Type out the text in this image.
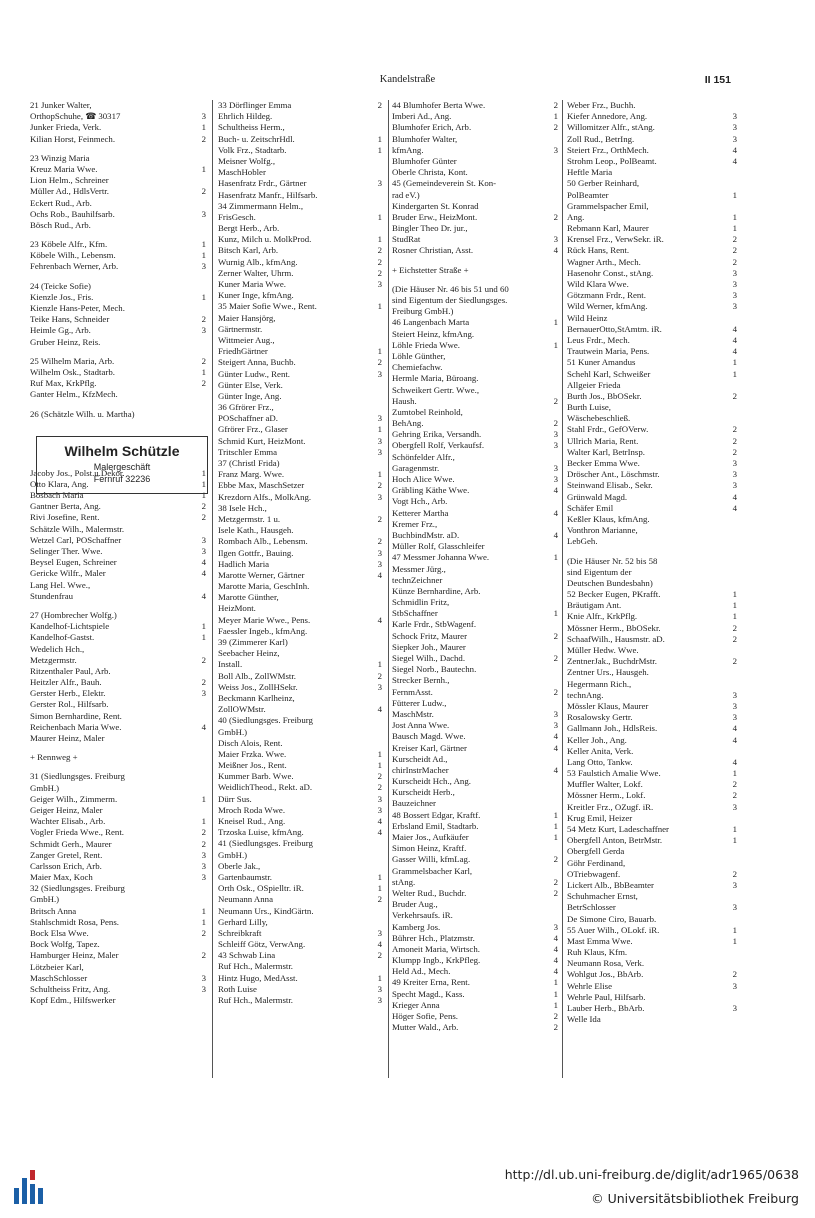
Kandelstraße	II 151
21 Junker Walter,
OrthopSchuhe, ☎ 30317	3
Junker Frieda, Verk.	1
Kilian Horst, Feinmech.	2
23 Winzig Maria
Kreuz Maria Wwe.	1
Lion Helm., Schreiner
Müller Ad., HdlsVertr.	2
Eckert Rud., Arb.
Ochs Rob., Bauhilfsarb.	3
Bösch Rud., Arb.
23 Köbele Alfr., Kfm.	1
Köbele Wilh., Lebensm.	1
Fehrenbach Werner, Arb.	3
24 (Teicke Sofie)
Kienzle Jos., Fris.	1
Kienzle Hans-Peter, Mech.
Teike Hans, Schneider	2
Heimle Gg., Arb.	3
Gruber Heinz, Reis.
25 Wilhelm Maria, Arb.	2
Wilhelm Osk., Stadtarb.	1
Ruf Max, KrkPflg.	2
Ganter Helm., KfzMech.
26 (Schätzle Wilh. u. Martha)
Jacoby Jos., Polst.u.Dekor.	1
Otto Klara, Ang.	1
Bosbach Maria	1
Gantner Berta, Ang.	2
Rivi Josefine, Rent.	2
Schätzle Wilh., Malermstr.
Wetzel Carl, POSchaffner	3
Selinger Ther. Wwe.	3
Beysel Eugen, Schreiner	4
Gericke Wilfr., Maler	4
Lang Hel. Wwe.,
Stundenfrau	4
27 (Hombrecher Wolfg.)
Kandelhof-Lichtspiele	1
Kandelhof-Gastst.	1
Wedelich Hch.,
Metzgermstr.	2
Ritzenthaler Paul, Arb.
Heitzler Alfr., Bauh.	2
Gerster Herb., Elektr.	3
Gerster Rol., Hilfsarb.
Simon Bernhardine, Rent.
Reichenbach Maria Wwe.	4
Maurer Heinz, Maler
+ Rennweg +
31 (Siedlungsges. Freiburg
GmbH.)
Geiger Wilh., Zimmerm.	1
Geiger Heinz, Maler
Wachter Elisab., Arb.	1
Vogler Frieda Wwe., Rent.	2
Schmidt Gerh., Maurer	2
Zanger Gretel, Rent.	3
Carlsson Erich, Arb.	3
Maier Max, Koch	3
32 (Siedlungsges. Freiburg
GmbH.)
Britsch Anna	1
Stahlschmidt Rosa, Pens.	1
Bock Elsa Wwe.	2
Bock Wolfg, Tapez.
Hamburger Heinz, Maler	2
Lötzbeier Karl,
MaschSchlosser	3
Schultheiss Fritz, Ang.	3
Kopf Edm., Hilfswerker
33 Dörflinger Emma	2
Ehrlich Hildeg.
Schultheiss Herm.,
Buch- u. ZeitschrHdl.	1
Volk Frz., Stadtarb.	1
Meisner Wolfg.,
MaschHobler
Hasenfratz Frdr., Gärtner	3
Hasenfratz Manfr., Hilfsarb.
34 Zimmermann Helm.,
FrisGesch.	1
Bergt Herb., Arb.
Kunz, Milch u. MolkProd.	1
Bitsch Karl, Arb.	2
Wurnig Alb., kfmAng.	2
Zerner Walter, Uhrm.	2
Kuner Maria Wwe.	3
Kuner Inge, kfmAng.
35 Maier Sofie Wwe., Rent.	1
Maier Hansjörg,
Gärtnermstr.
Wittmeier Aug.,
FriedhGärtner	1
Steigert Anna, Buchb.	2
Günter Ludw., Rent.	3
Günter Else, Verk.
Günter Inge, Ang.
36 Gfrörer Frz.,
POSchaffner aD.	3
Gfrörer Frz., Glaser	1
Schmid Kurt, HeizMont.	3
Tritschler Emma	3
37 (Christl Frida)
Franz Marg. Wwe.	1
Ebbe Max, MaschSetzer	2
Krezdorn Alfs., MolkAng.	3
38 Isele Hch.,
Metzgermstr. 1 u.	2
Isele Kath., Hausgeh.
Rombach Alb., Lebensm.	2
Ilgen Gottfr., Bauing.	3
Hadlich Maria	3
Marotte Werner, Gärtner	4
Marotte Maria, GeschInh.
Marotte Günther,
HeizMont.
Meyer Marie Wwe., Pens.	4
Faessler Ingeb., kfmAng.
39 (Zimmerer Karl)
Seebacher Heinz,
Install.	1
Boll Alb., ZollWMstr.	2
Weiss Jos., ZollHSekr.	3
Beckmann Karlheinz,
ZollOWMstr.	4
40 (Siedlungsges. Freiburg
GmbH.)
Disch Alois, Rent.
Maier Frzka. Wwe.	1
Meißner Jos., Rent.	1
Kummer Barb. Wwe.	2
WeidlichTheod., Rekt. aD.	2
Dürr Sus.	3
Mroch Roda Wwe.	3
Kneisel Rud., Ang.	4
Trzoska Luise, kfmAng.	4
41 (Siedlungsges. Freiburg
GmbH.)
Oberle Jak.,
Gartenbaumstr.	1
Orth Osk., OSpielltr. iR.	1
Neumann Anna	2
Neumann Urs., KindGärtn.
Gerhard Lilly,
Schreibkraft	3
Schleiff Götz, VerwAng.	4
43 Schwab Lina	2
Ruf Hch., Malermstr.
Hintz Hugo, MedAsst.	1
Roth Luise	3
Ruf Hch., Malermstr.	3
44 Blumhofer Berta Wwe.	2
Imberi Ad., Ang.	1
Blumhofer Erich, Arb.	2
Blumhofer Walter,
kfmAng.	3
Blumhofer Günter
Oberle Christa, Kont.
45 (Gemeindeverein St. Kon-
rad eV.)
Kindergarten St. Konrad
Bruder Erw., HeizMont.	2
Bingler Theo Dr. jur.,
StudRat	3
Rosner Christian, Asst.	4
+ Eichstetter Straße +
(Die Häuser Nr. 46 bis 51 und 60
sind Eigentum der Siedlungsges.
Freiburg GmbH.)
46 Langenbach Marta	1
Steiert Heinz, kfmAng.
Löhle Frieda Wwe.	1
Löhle Günther,
Chemiefachw.
Hermle Maria, Büroang.
Schweikert Gertr. Wwe.,
Haush.	2
Zumtobel Reinhold,
BehAng.	2
Gehring Erika, Versandh.	3
Obergfell Rolf, Verkaufsf.	3
Schönfelder Alfr.,
Garagenmstr.	3
Hoch Alice Wwe.	3
Gräbling Käthe Wwe.	4
Vogt Hch., Arb.
Ketterer Martha	4
Kremer Frz.,
BuchbindMstr. aD.	4
Müller Rolf, Glasschleifer
47 Messmer Johanna Wwe.	1
Messmer Jürg.,
technZeichner
Künze Bernhardine, Arb.
Schmidlin Fritz,
StbSchaffner	1
Karle Frdr., StbWagenf.
Schock Fritz, Maurer	2
Siepker Joh., Maurer
Siegel Wilh., Dachd.	2
Siegel Norb., Bautechn.
Strecker Bernh.,
FernmAsst.	2
Fütterer Ludw.,
MaschMstr.	3
Jost Anna Wwe.	3
Bausch Magd. Wwe.	4
Kreiser Karl, Gärtner	4
Kurscheidt Ad.,
chirInstrMacher	4
Kurscheidt Hch., Ang.
Kurscheidt Herb.,
Bauzeichner
48 Bossert Edgar, Kraftf.	1
Erbsland Emil, Stadtarb.	1
Maier Jos., Aufkäufer	1
Simon Heinz, Kraftf.
Gasser Willi, kfmLag.	2
Grammelsbacher Karl,
stAng.	2
Welter Rud., Buchdr.	2
Bruder Aug.,
Verkehrsaufs. iR.
Kamberg Jos.	3
Bührer Hch., Platzmstr.	4
Amoneit Maria, Wirtsch.	4
Klumpp Ingb., KrkPfleg.	4
Held Ad., Mech.	4
49 Kreiter Erna, Rent.	1
Specht Magd., Kass.	1
Krieger Anna	1
Höger Sofie, Pens.	2
Mutter Wald., Arb.	2
Weber Frz., Buchh.
Kiefer Annedore, Ang.	3
Willomitzer Alfr., stAng.	3
Zoll Rud., BetrIng.	3
Steiert Frz., OrthMech.	4
Strohm Leop., PolBeamt.	4
Heftle Maria
50 Gerber Reinhard,
PolBeamter	1
Grammelspacher Emil,
Ang.	1
Rebmann Karl, Maurer	1
Krensel Frz., VerwSekr. iR.	2
Rück Hans, Rent.	2
Wagner Arth., Mech.	2
Hasenohr Const., stAng.	3
Wild Klara Wwe.	3
Götzmann Frdr., Rent.	3
Wild Werner, kfmAng.	3
Wild Heinz
BernauerOtto,StAmtm. iR.	4
Leus Frdr., Mech.	4
Trautwein Maria, Pens.	4
51 Kuner Amandus	1
Schehl Karl, Schweißer	1
Allgeier Frieda
Burth Jos., BbOSekr.	2
Burth Luise,
Wäschebeschließ.
Stahl Frdr., GefOVerw.	2
Ullrich Maria, Rent.	2
Walter Karl, BetrInsp.	2
Becker Emma Wwe.	3
Dröscher Ant., Löschmstr.	3
Steinwand Elisab., Sekr.	3
Grünwald Magd.	4
Schäfer Emil	4
Keßler Klaus, kfmAng.
Vonthron Marianne,
LebGeh.
(Die Häuser Nr. 52 bis 58
sind Eigentum der
Deutschen Bundesbahn)
52 Becker Eugen, PKrafft.	1
Bräutigam Ant.	1
Knie Alfr., KrkPflg.	1
Mössner Herm., BbOSekr.	2
SchaafWilh., Hausmstr. aD.	2
Müller Hedw. Wwe.
ZentnerJak., BuchdrMstr.	2
Zentner Urs., Hausgeh.
Hegermann Rich.,
technAng.	3
Mössler Klaus, Maurer	3
Rosalowsky Gertr.	3
Gallmann Joh., HdlsReis.	4
Keller Joh., Ang.	4
Keller Anita, Verk.
Lang Otto, Tankw.	4
53 Faulstich Amalie Wwe.	1
Muffler Walter, Lokf.	2
Mössner Herm., Lokf.	2
Kreitler Frz., OZugf. iR.	3
Krug Emil, Heizer
54 Metz Kurt, Ladeschaffner	1
Obergfell Anton, BetrMstr.	1
Obergfell Gerda
Göhr Ferdinand,
OTriebwagenf.	2
Lickert Alb., BbBeamter	3
Schuhmacher Ernst,
BetrSchlosser	3
De Simone Ciro, Bauarb.
55 Auer Wilh., OLokf. iR.	1
Mast Emma Wwe.	1
Ruh Klaus, Kfm.
Neumann Rosa, Verk.
Wohlgut Jos., BbArb.	2
Wehrle Elise	3
Wehrle Paul, Hilfsarb.
Lauber Herb., BbArb.	3
Welle Ida
Wilhelm Schützle
Malergeschäft
Fernruf 32236
http://dl.ub.uni-freiburg.de/diglit/adr1965/0638
© Universitätsbibliothek Freiburg
